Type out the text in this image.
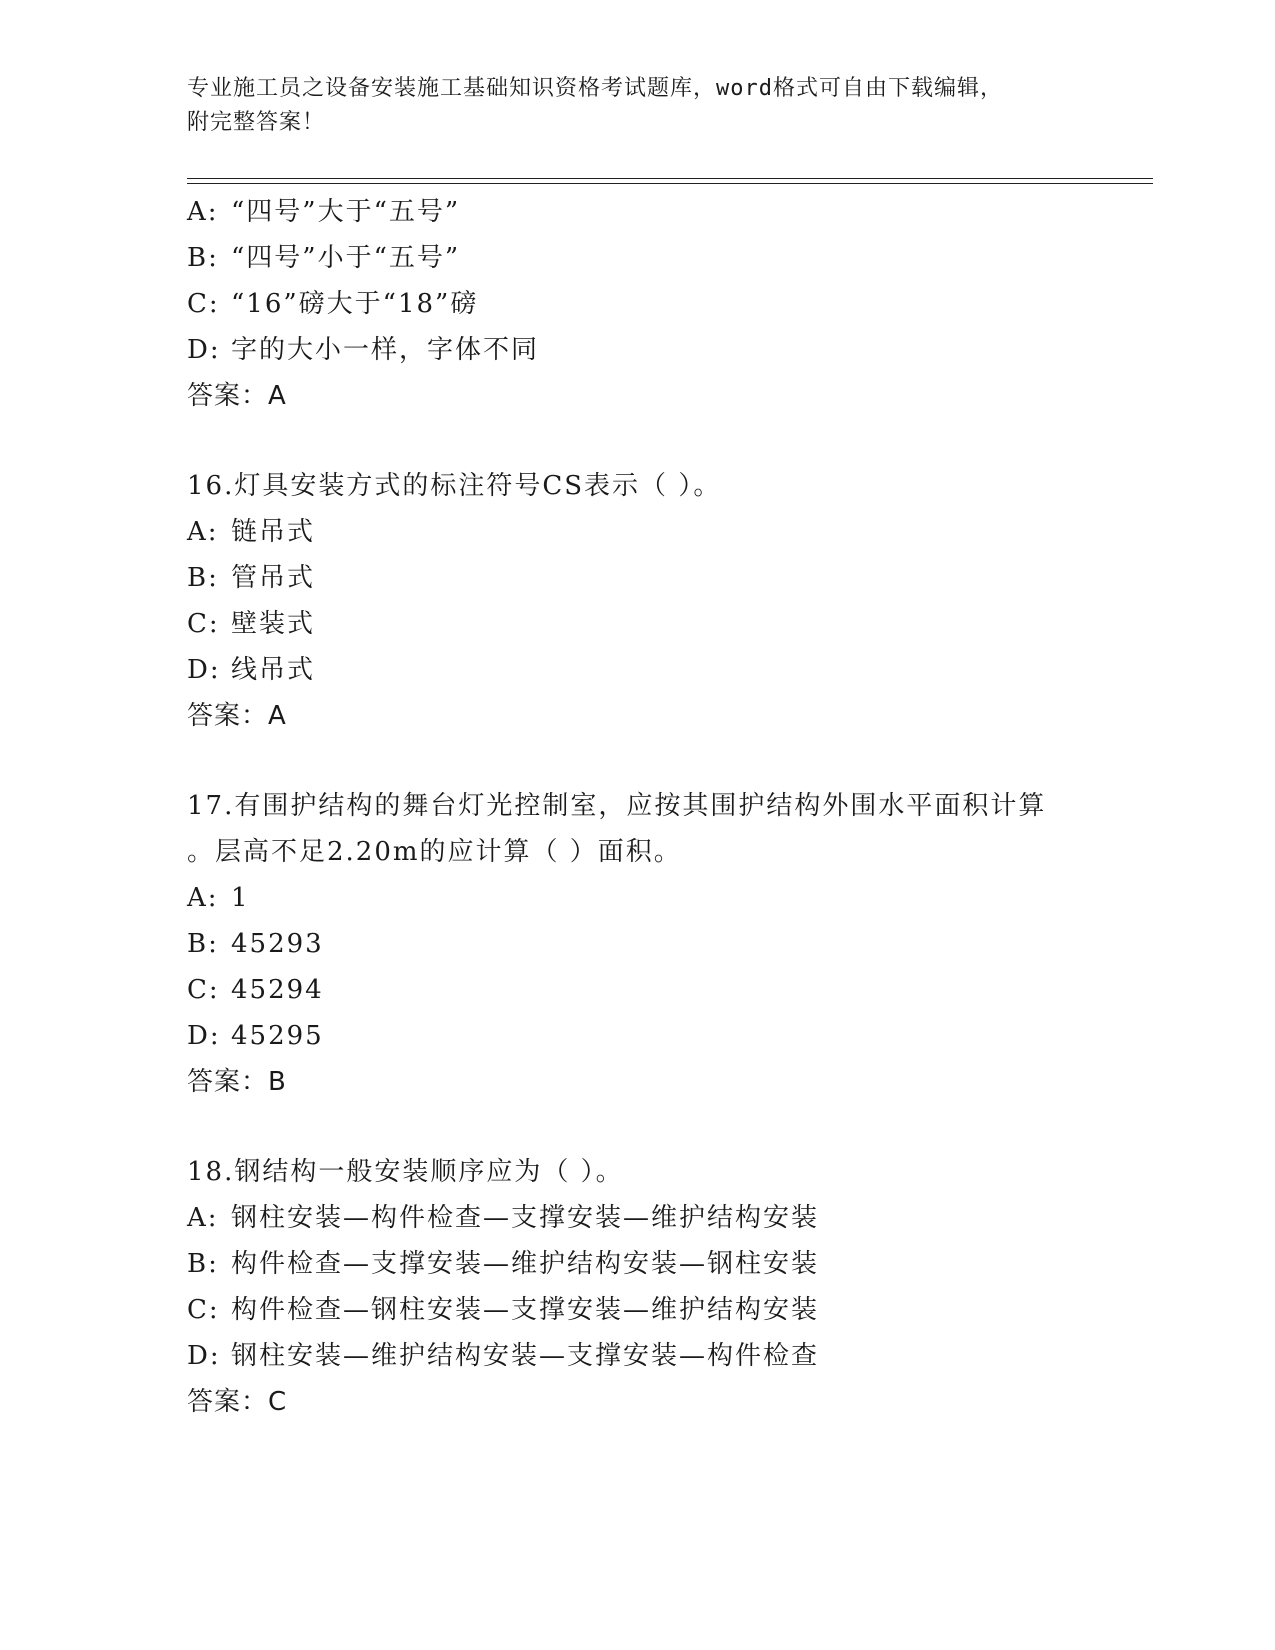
专业施工员之设备安装施工基础知识资格考试题库，word格式可自由下载编辑，
附完整答案！
A: “四号”大于“五号”
B: “四号”小于“五号”
C: “16”磅大于“18”磅
D: 字的大小一样，字体不同
答案：A
16.灯具安装方式的标注符号CS表示（ ）。
A: 链吊式
B: 管吊式
C: 壁装式
D: 线吊式
答案：A
17.有围护结构的舞台灯光控制室，应按其围护结构外围水平面积计算
。层高不足2.20m的应计算（ ）面积。
A: 1
B: 45293
C: 45294
D: 45295
答案：B
18.钢结构一般安装顺序应为（ ）。
A: 钢柱安装—构件检查—支撑安装—维护结构安装
B: 构件检查—支撑安装—维护结构安装—钢柱安装
C: 构件检查—钢柱安装—支撑安装—维护结构安装
D: 钢柱安装—维护结构安装—支撑安装—构件检查
答案：C
